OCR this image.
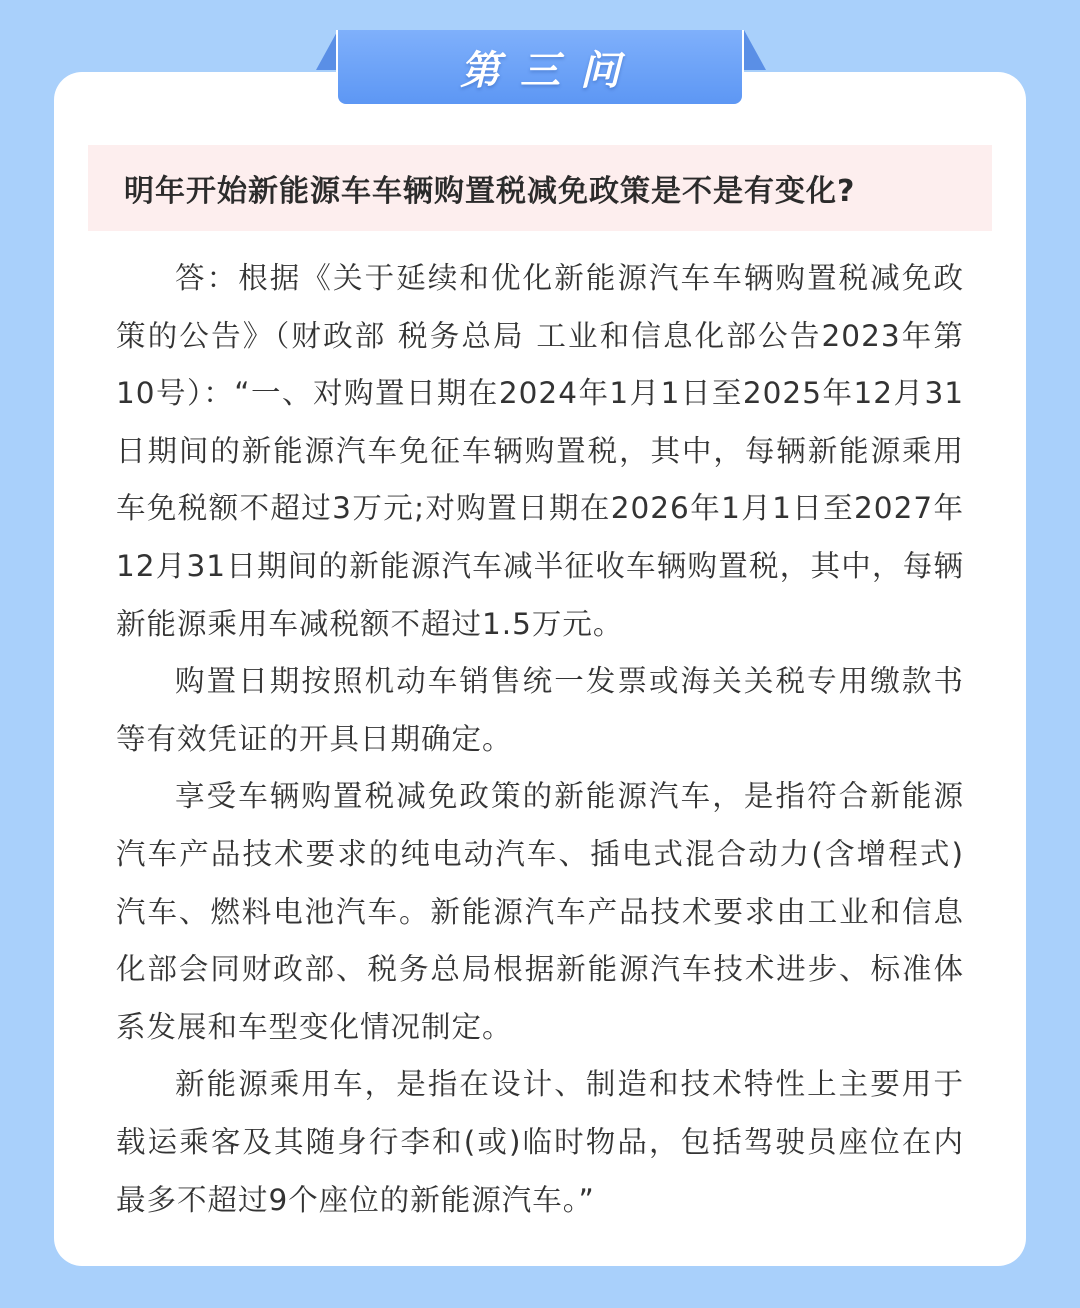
第三问
明年开始新能源车车辆购置税减免政策是不是有变化?

答：根据《关于延续和优化新能源汽车车辆购置税减免政策的公告》（财政部 税务总局 工业和信息化部公告2023年第10号）：“一、对购置日期在2024年1月1日至2025年12月31日期间的新能源汽车免征车辆购置税，其中，每辆新能源乘用车免税额不超过3万元;对购置日期在2026年1月1日至2027年12月31日期间的新能源汽车减半征收车辆购置税，其中，每辆新能源乘用车减税额不超过1.5万元。

购置日期按照机动车销售统一发票或海关关税专用缴款书等有效凭证的开具日期确定。

享受车辆购置税减免政策的新能源汽车，是指符合新能源汽车产品技术要求的纯电动汽车、插电式混合动力(含增程式)汽车、燃料电池汽车。新能源汽车产品技术要求由工业和信息化部会同财政部、税务总局根据新能源汽车技术进步、标准体系发展和车型变化情况制定。

新能源乘用车，是指在设计、制造和技术特性上主要用于载运乘客及其随身行李和(或)临时物品，包括驾驶员座位在内最多不超过9个座位的新能源汽车。”
